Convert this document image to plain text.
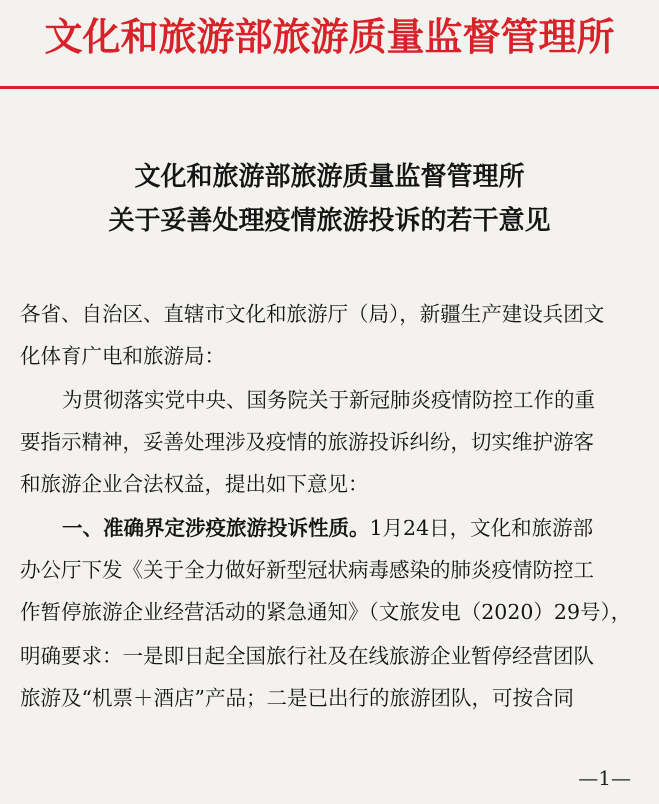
文化和旅游部旅游质量监督管理所
文化和旅游部旅游质量监督管理所
关于妥善处理疫情旅游投诉的若干意见
各省、自治区、直辖市文化和旅游厅（局），新疆生产建设兵团文
化体育广电和旅游局：
为贯彻落实党中央、国务院关于新冠肺炎疫情防控工作的重
要指示精神，妥善处理涉及疫情的旅游投诉纠纷，切实维护游客
和旅游企业合法权益，提出如下意见：
一、准确界定涉疫旅游投诉性质。1月24日，文化和旅游部
办公厅下发《关于全力做好新型冠状病毒感染的肺炎疫情防控工
作暂停旅游企业经营活动的紧急通知》（文旅发电（2020）29号），
明确要求：一是即日起全国旅行社及在线旅游企业暂停经营团队
旅游及“机票＋酒店”产品；二是已出行的旅游团队，可按合同
—1—
